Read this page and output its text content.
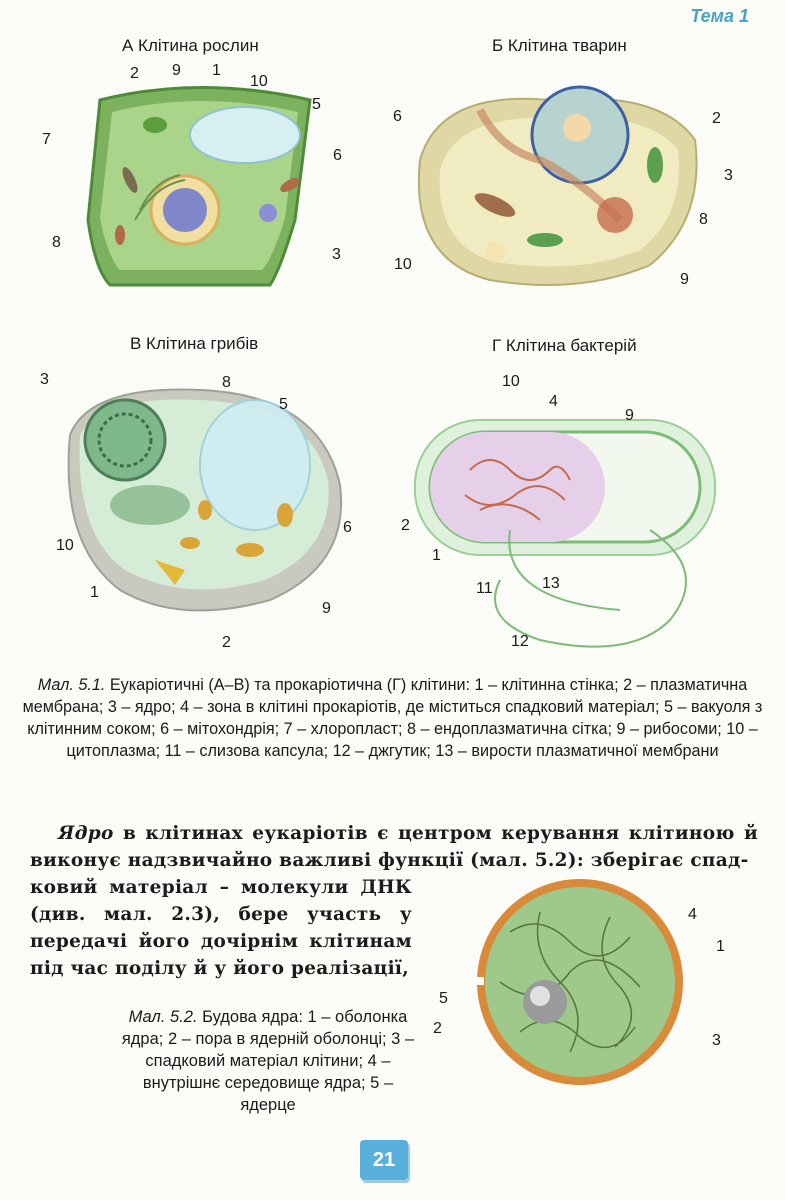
Тема 1
А Клітина рослин
2 9 1
10
5
7
6
8
3
Б Клітина тварин
6	2
3
8
10
9
В Клітина грибів
3	8
5
6
10
1
9
2
Г Клітина бактерій
10
4
9
2
1
11	13
12
Мал. 5.1. Еукаріотичні (А–В) та прокаріотична (Г) клітини: 1 – клітинна стінка; 2 – плазматична мембрана; 3 – ядро; 4 – зона в клітині прокаріотів, де міститься спадковий матеріал; 5 – вакуоля з клітинним соком; 6 – мітохондрія; 7 – хлоропласт; 8 – ендоплазматична сітка; 9 – рибосоми; 10 – цитоплазма; 11 – слизова капсула; 12 – джгутик; 13 – вирости плазматичної мембрани
Ядро в клітинах еукаріотів є центром керування клітиною й виконує надзвичайно важливі функції (мал. 5.2): зберігає спад-
ковий матеріал – молекули ДНК (див. мал. 2.3), бере участь у передачі його дочірнім клітинам під час поділу й у його реалізації,
Мал. 5.2. Будова ядра: 1 – оболонка ядра; 2 – пора в ядерній оболонці; 3 – спадковий матеріал клітини; 4 – внутрішнє середовище ядра; 5 – ядерце
4
1
5
2
3
21
